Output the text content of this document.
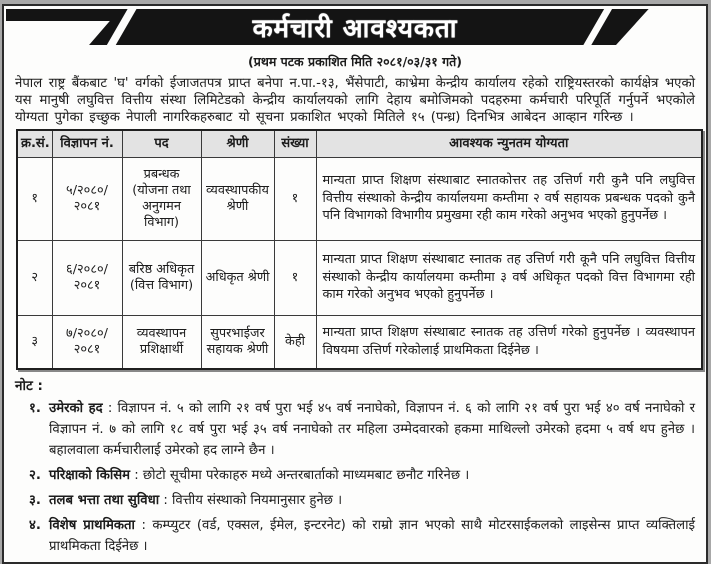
कर्मचारी आवश्यकता
(प्रथम पटक प्रकाशित मिति २०८१/०३/३१ गते)

नेपाल राष्ट्र बैंकबाट 'घ' वर्गको ईजाजतपत्र प्राप्त बनेपा न.पा.-१३, भैंसेपाटी, काभ्रेमा केन्द्रीय कार्यालय रहेको राष्ट्रियस्तरको कार्यक्षेत्र भएको यस मानुषी लघुवित्त वित्तीय संस्था लिमिटेडको केन्द्रीय कार्यालयको लागि देहाय बमोजिमको पदहरुमा कर्मचारी परिपूर्ति गर्नुपर्ने भएकोले योग्यता पुगेका इच्छुक नेपाली नागरिकहरुबाट यो सूचना प्रकाशित भएको मितिले १५ (पन्ध्र) दिनभित्र आबेदन आव्हान गरिन्छ ।

क्र.सं.	विज्ञापन नं.	पद	श्रेणी	संख्या	आवश्यक न्युनतम योग्यता
१	५/२०८०/ २०८१	प्रबन्धक (योजना तथा अनुगमन विभाग)	व्यवस्थापकीय श्रेणी	१	मान्यता प्राप्त शिक्षण संस्थाबाट स्नातकोत्तर तह उत्तिर्ण गरी कुनै पनि लघुवित्त वित्तीय संस्थाको केन्द्रीय कार्यालयमा कम्तीमा २ वर्ष सहायक प्रबन्धक पदको कुनै पनि विभागको विभागीय प्रमुखमा रही काम गरेको अनुभव भएको हुनुपर्नेछ ।
२	६/२०८०/ २०८१	बरिष्ठ अधिकृत (वित्त विभाग)	अधिकृत श्रेणी	१	मान्यता प्राप्त शिक्षण संस्थाबाट स्नातक तह उत्तिर्ण गरी कूनै पनि लघुवित्त वित्तीय संस्थाको केन्द्रीय कार्यालयमा कम्तीमा ३ वर्ष अधिकृत पदको वित्त विभागमा रही काम गरेको अनुभव भएको हुनुपर्नेछ ।
३	७/२०८०/ २०८१	व्यवस्थापन प्रशिक्षार्थी	सुपरभाईजर सहायक श्रेणी	केही	मान्यता प्राप्त शिक्षण संस्थाबाट स्नातक तह उत्तिर्ण गरेको हुनुपर्नेछ । व्यवस्थापन विषयमा उत्तिर्ण गरेकोलाई प्राथमिकता दिईनेछ ।
नोट :
१. उमेरको हद : विज्ञापन नं. ५ को लागि २१ वर्ष पुरा भई ४५ वर्ष ननाघेको, विज्ञापन नं. ६ को लागि २१ वर्ष पुरा भई ४० वर्ष ननाघेको र विज्ञापन नं. ७ को लागि १८ वर्ष पुरा भई ३५ वर्ष ननाघेको तर महिला उम्मेदवारको हकमा माथिल्लो उमेरको हदमा ५ वर्ष थप हुनेछ । बहालवाला कर्मचारीलाई उमेरको हद लाग्ने छैन ।
२. परिक्षाको किसिम : छोटो सूचीमा परेकाहरु मध्ये अन्तरबार्ताको माध्यमबाट छनौट गरिनेछ ।
३. तलब भत्ता तथा सुविधा : वित्तीय संस्थाको नियमानुसार हुनेछ ।
४. विशेष प्राथमिकता : कम्प्युटर (वर्ड, एक्सल, ईमेल, इन्टरनेट) को राम्रो ज्ञान भएको साथै मोटरसाईकलको लाइसेन्स प्राप्त व्यक्तिलाई प्राथमिकता दिईनेछ ।
